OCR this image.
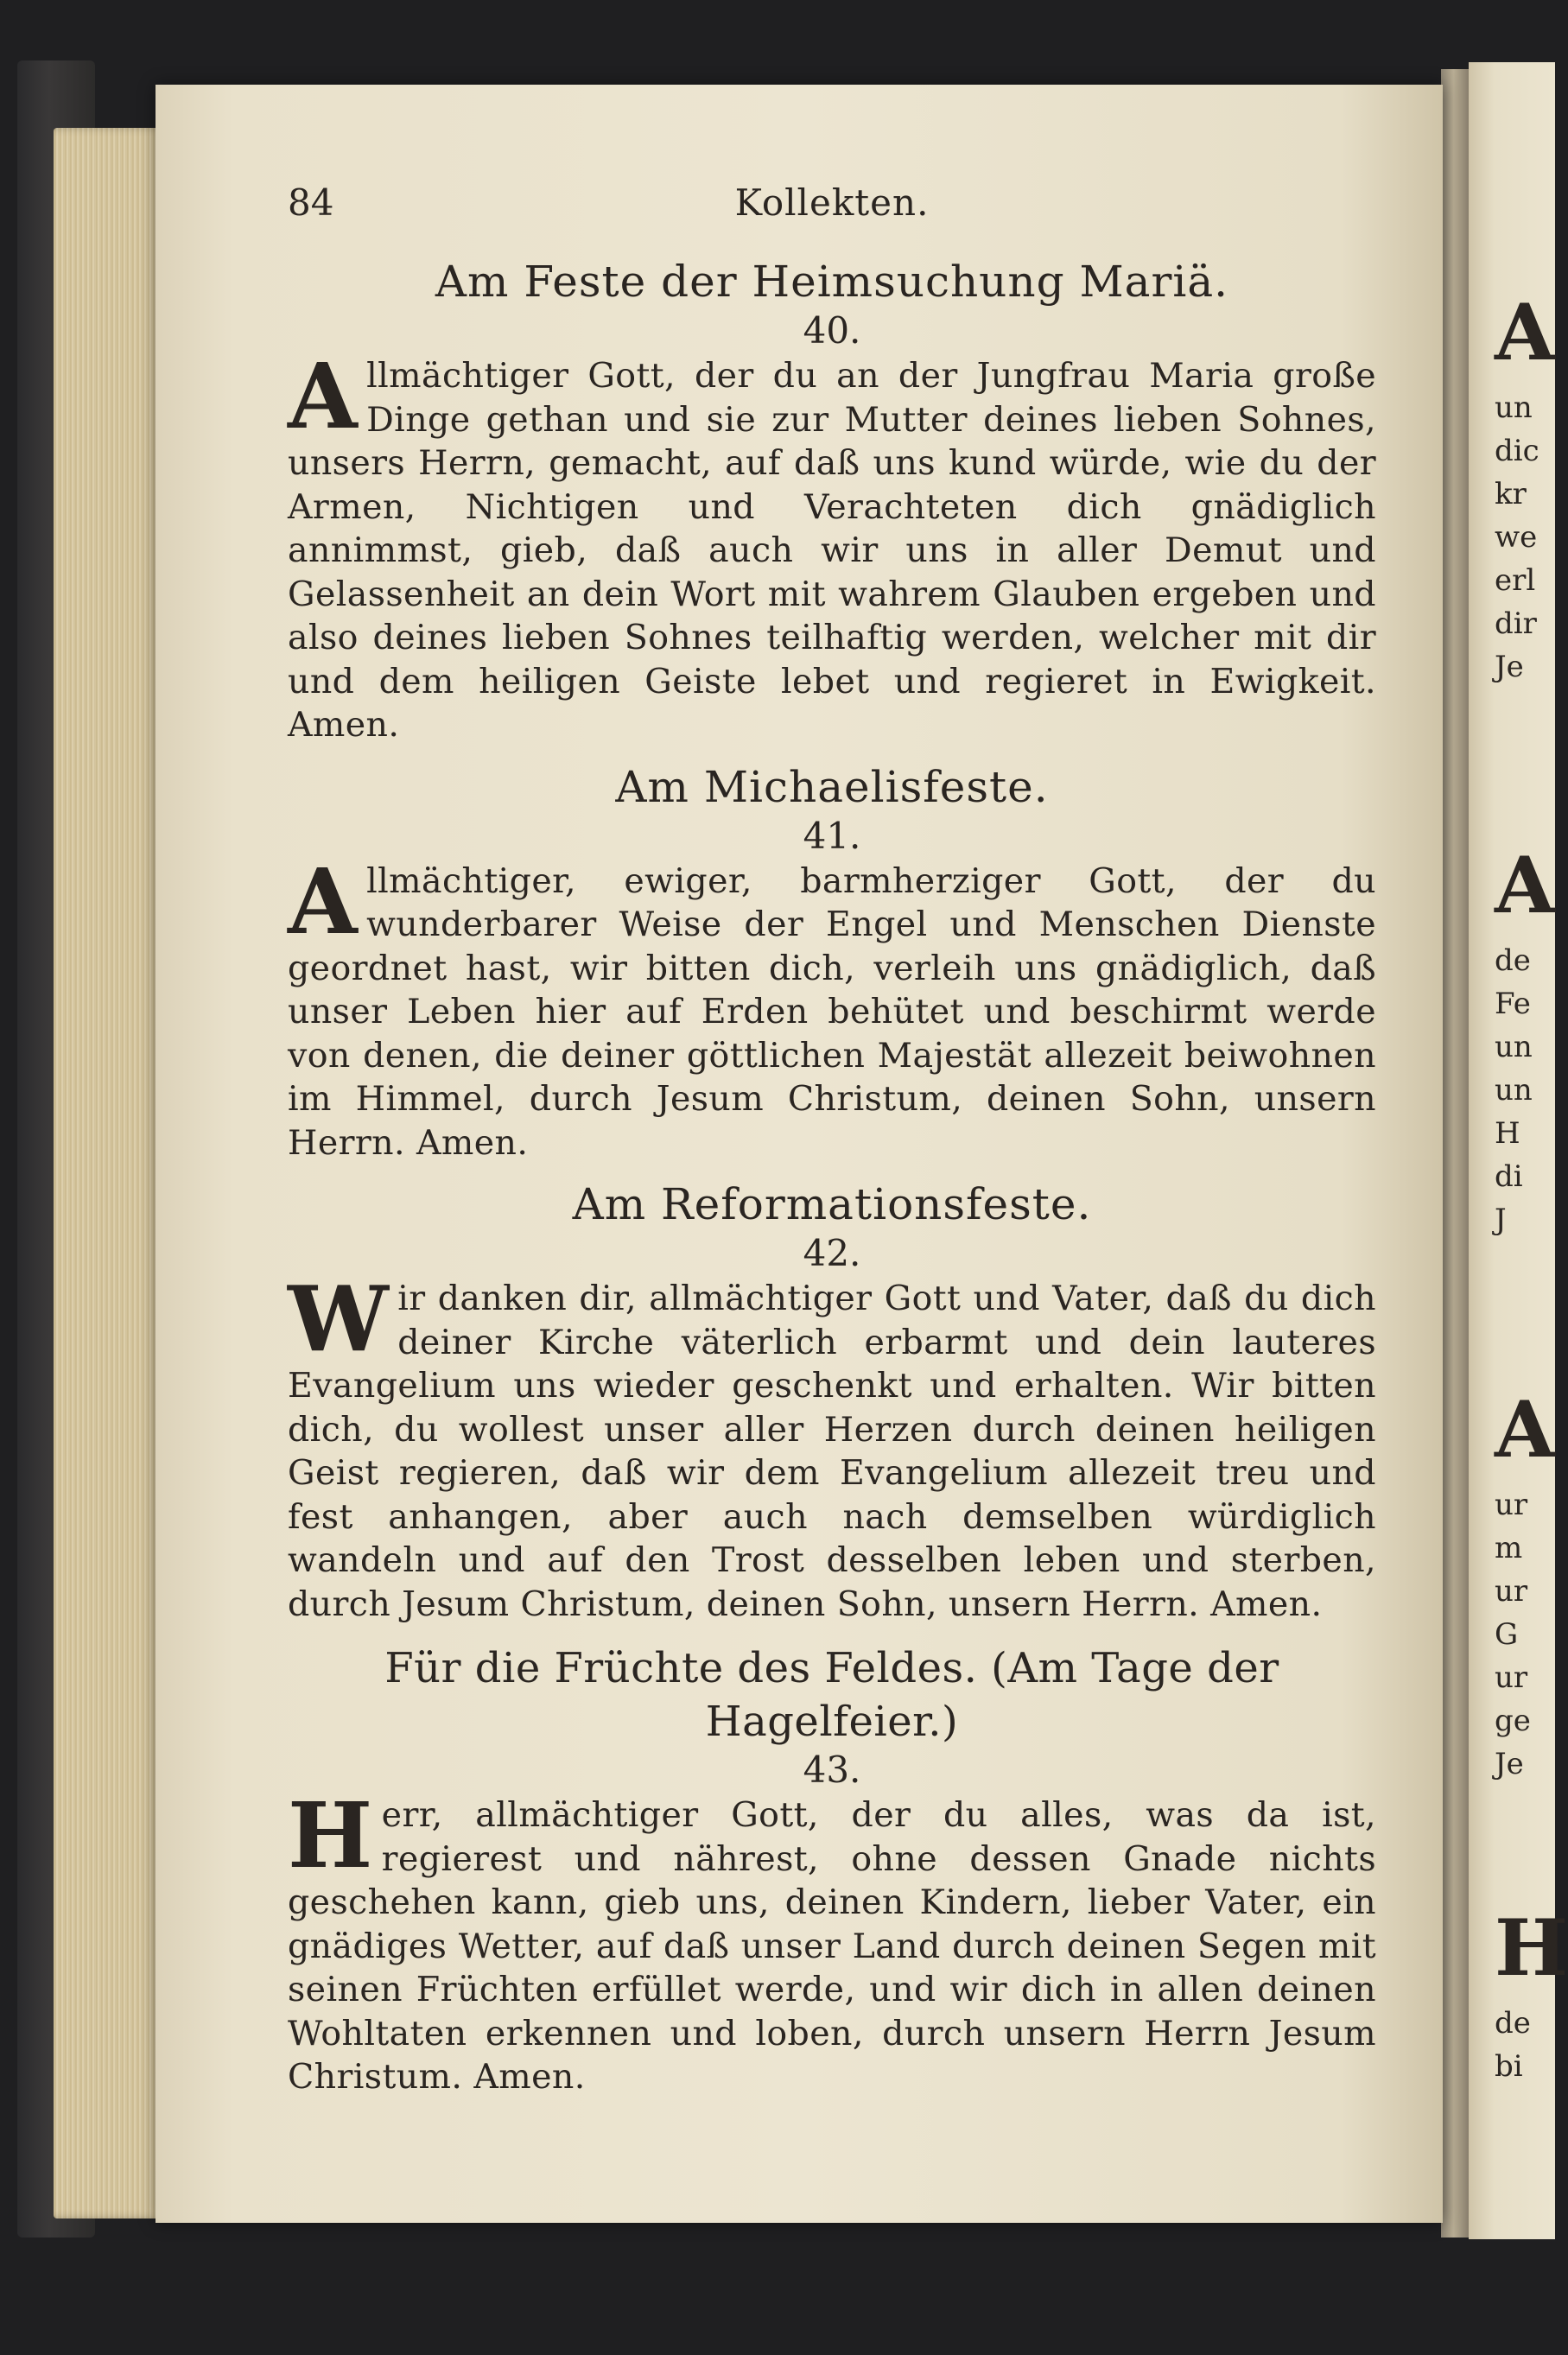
A
un
dic
kr
we
erl
dir
Je
A
de
Fe
un
un
H
di
J
A
ur
m
ur
G
ur
ge
Je
H
de
bi
84	Kollekten.
Am Feste der Heimsuchung Mariä.
40.
Allmächtiger Gott, der du an der Jungfrau Maria große Dinge gethan und sie zur Mutter deines lieben Sohnes, unsers Herrn, gemacht, auf daß uns kund würde, wie du der Armen, Nichtigen und Verachteten dich gnädiglich annimmst, gieb, daß auch wir uns in aller Demut und Gelassenheit an dein Wort mit wahrem Glauben ergeben und also deines lieben Sohnes teilhaftig werden, welcher mit dir und dem heiligen Geiste lebet und regieret in Ewigkeit. Amen.
Am Michaelisfeste.
41.
Allmächtiger, ewiger, barmherziger Gott, der du wunderbarer Weise der Engel und Menschen Dienste geordnet hast, wir bitten dich, verleih uns gnädiglich, daß unser Leben hier auf Erden behütet und beschirmt werde von denen, die deiner göttlichen Majestät allezeit beiwohnen im Himmel, durch Jesum Christum, deinen Sohn, unsern Herrn. Amen.
Am Reformationsfeste.
42.
Wir danken dir, allmächtiger Gott und Vater, daß du dich deiner Kirche väterlich erbarmt und dein lauteres Evangelium uns wieder geschenkt und erhalten. Wir bitten dich, du wollest unser aller Herzen durch deinen heiligen Geist regieren, daß wir dem Evangelium allezeit treu und fest anhangen, aber auch nach demselben würdiglich wandeln und auf den Trost desselben leben und sterben, durch Jesum Christum, deinen Sohn, unsern Herrn. Amen.
Für die Früchte des Feldes. (Am Tage der Hagelfeier.)
43.
Herr, allmächtiger Gott, der du alles, was da ist, regierest und nährest, ohne dessen Gnade nichts geschehen kann, gieb uns, deinen Kindern, lieber Vater, ein gnädiges Wetter, auf daß unser Land durch deinen Segen mit seinen Früchten erfüllet werde, und wir dich in allen deinen Wohltaten erkennen und loben, durch unsern Herrn Jesum Christum. Amen.
